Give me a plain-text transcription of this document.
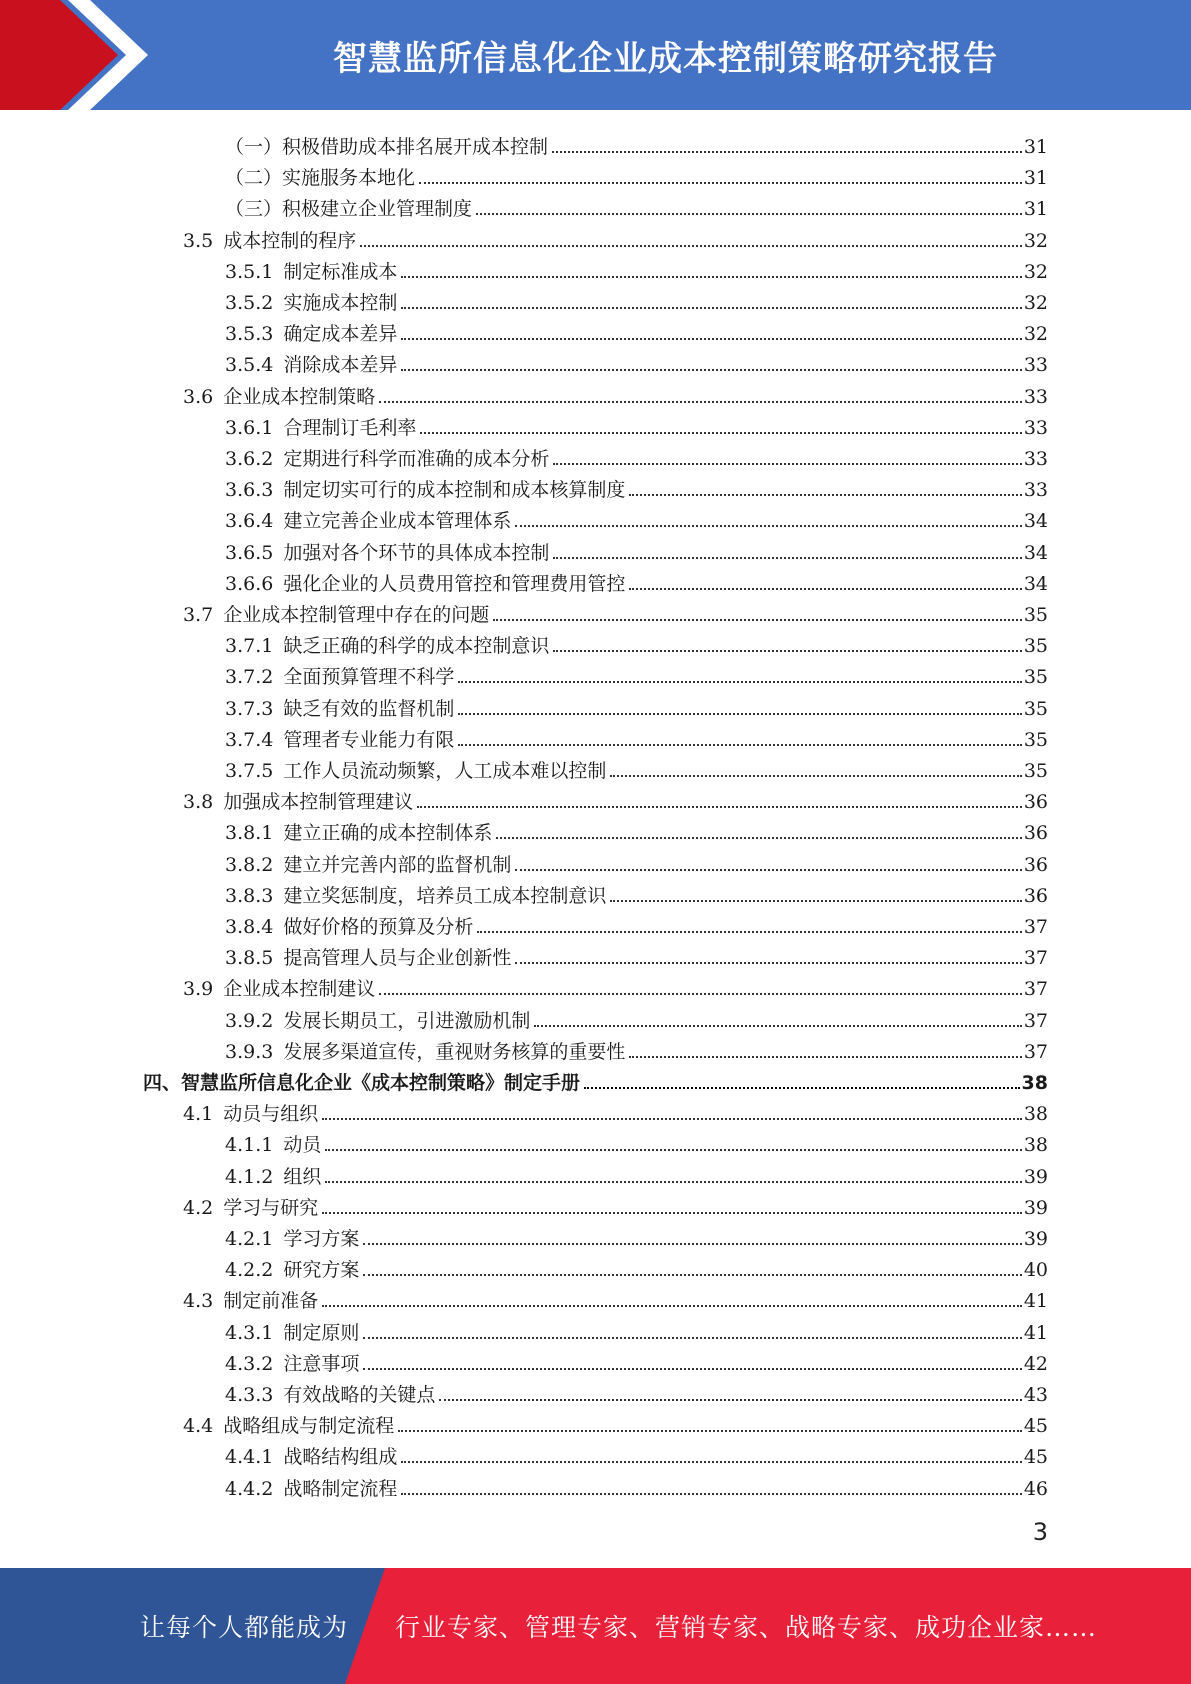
智慧监所信息化企业成本控制策略研究报告
（一）积极借助成本排名展开成本控制	31
（二）实施服务本地化	31
（三）积极建立企业管理制度	31
3.5 成本控制的程序	32
3.5.1 制定标准成本	32
3.5.2 实施成本控制	32
3.5.3 确定成本差异	32
3.5.4 消除成本差异	33
3.6 企业成本控制策略	33
3.6.1 合理制订毛利率	33
3.6.2 定期进行科学而准确的成本分析	33
3.6.3 制定切实可行的成本控制和成本核算制度	33
3.6.4 建立完善企业成本管理体系	34
3.6.5 加强对各个环节的具体成本控制	34
3.6.6 强化企业的人员费用管控和管理费用管控	34
3.7 企业成本控制管理中存在的问题	35
3.7.1 缺乏正确的科学的成本控制意识	35
3.7.2 全面预算管理不科学	35
3.7.3 缺乏有效的监督机制	35
3.7.4 管理者专业能力有限	35
3.7.5 工作人员流动频繁，人工成本难以控制	35
3.8 加强成本控制管理建议	36
3.8.1 建立正确的成本控制体系	36
3.8.2 建立并完善内部的监督机制	36
3.8.3 建立奖惩制度，培养员工成本控制意识	36
3.8.4 做好价格的预算及分析	37
3.8.5 提高管理人员与企业创新性	37
3.9 企业成本控制建议	37
3.9.2 发展长期员工，引进激励机制	37
3.9.3 发展多渠道宣传，重视财务核算的重要性	37
四、智慧监所信息化企业《成本控制策略》制定手册	38
4.1 动员与组织	38
4.1.1 动员	38
4.1.2 组织	39
4.2 学习与研究	39
4.2.1 学习方案	39
4.2.2 研究方案	40
4.3 制定前准备	41
4.3.1 制定原则	41
4.3.2 注意事项	42
4.3.3 有效战略的关键点	43
4.4 战略组成与制定流程	45
4.4.1 战略结构组成	45
4.4.2 战略制定流程	46
3
让每个人都能成为 行业专家、管理专家、营销专家、战略专家、成功企业家……
